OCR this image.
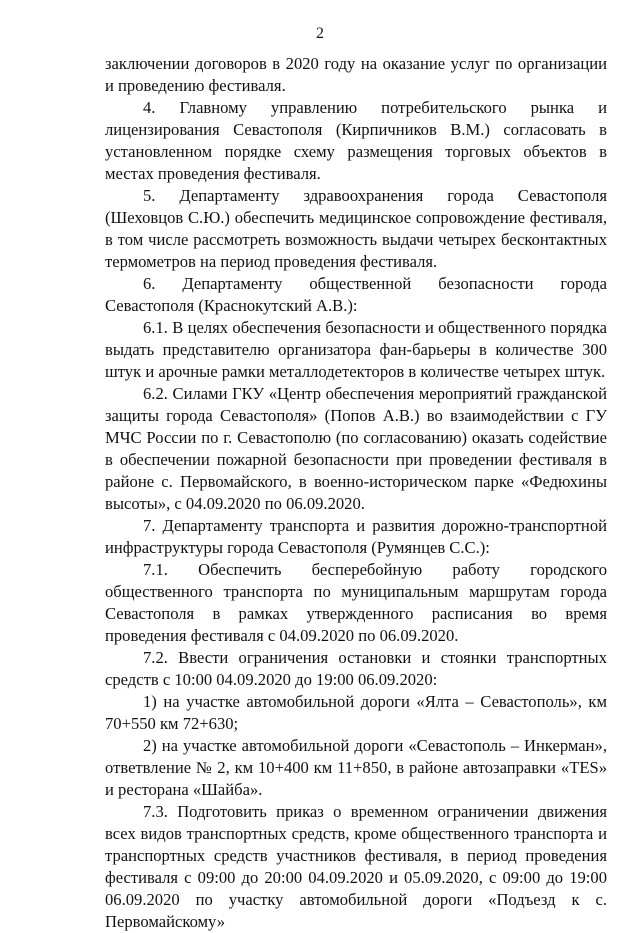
2

заключении договоров в 2020 году на оказание услуг по организации и проведению фестиваля.

4. Главному управлению потребительского рынка и лицензирования Севастополя (Кирпичников В.М.) согласовать в установленном порядке схему размещения торговых объектов в местах проведения фестиваля.

5. Департаменту здравоохранения города Севастополя (Шеховцов С.Ю.) обеспечить медицинское сопровождение фестиваля, в том числе рассмотреть возможность выдачи четырех бесконтактных термометров на период проведения фестиваля.

6. Департаменту общественной безопасности города Севастополя (Краснокутский А.В.):

6.1. В целях обеспечения безопасности и общественного порядка выдать представителю организатора фан-барьеры в количестве 300 штук и арочные рамки металлодетекторов в количестве четырех штук.

6.2. Силами ГКУ «Центр обеспечения мероприятий гражданской защиты города Севастополя» (Попов А.В.) во взаимодействии с ГУ МЧС России по г. Севастополю (по согласованию) оказать содействие в обеспечении пожарной безопасности при проведении фестиваля в районе с. Первомайского, в военно-историческом парке «Федюхины высоты», с 04.09.2020 по 06.09.2020.

7. Департаменту транспорта и развития дорожно-транспортной инфраструктуры города Севастополя (Румянцев С.С.):

7.1. Обеспечить бесперебойную работу городского общественного транспорта по муниципальным маршрутам города Севастополя в рамках утвержденного расписания во время проведения фестиваля с 04.09.2020 по 06.09.2020.

7.2. Ввести ограничения остановки и стоянки транспортных средств с 10:00 04.09.2020 до 19:00 06.09.2020:

1) на участке автомобильной дороги «Ялта – Севастополь», км 70+550 км 72+630;

2) на участке автомобильной дороги «Севастополь – Инкерман», ответвление № 2, км 10+400 км 11+850, в районе автозаправки «TES» и ресторана «Шайба».

7.3. Подготовить приказ о временном ограничении движения всех видов транспортных средств, кроме общественного транспорта и транспортных средств участников фестиваля, в период проведения фестиваля с 09:00 до 20:00 04.09.2020 и 05.09.2020, с 09:00 до 19:00 06.09.2020 по участку автомобильной дороги «Подъезд к с. Первомайскому»
